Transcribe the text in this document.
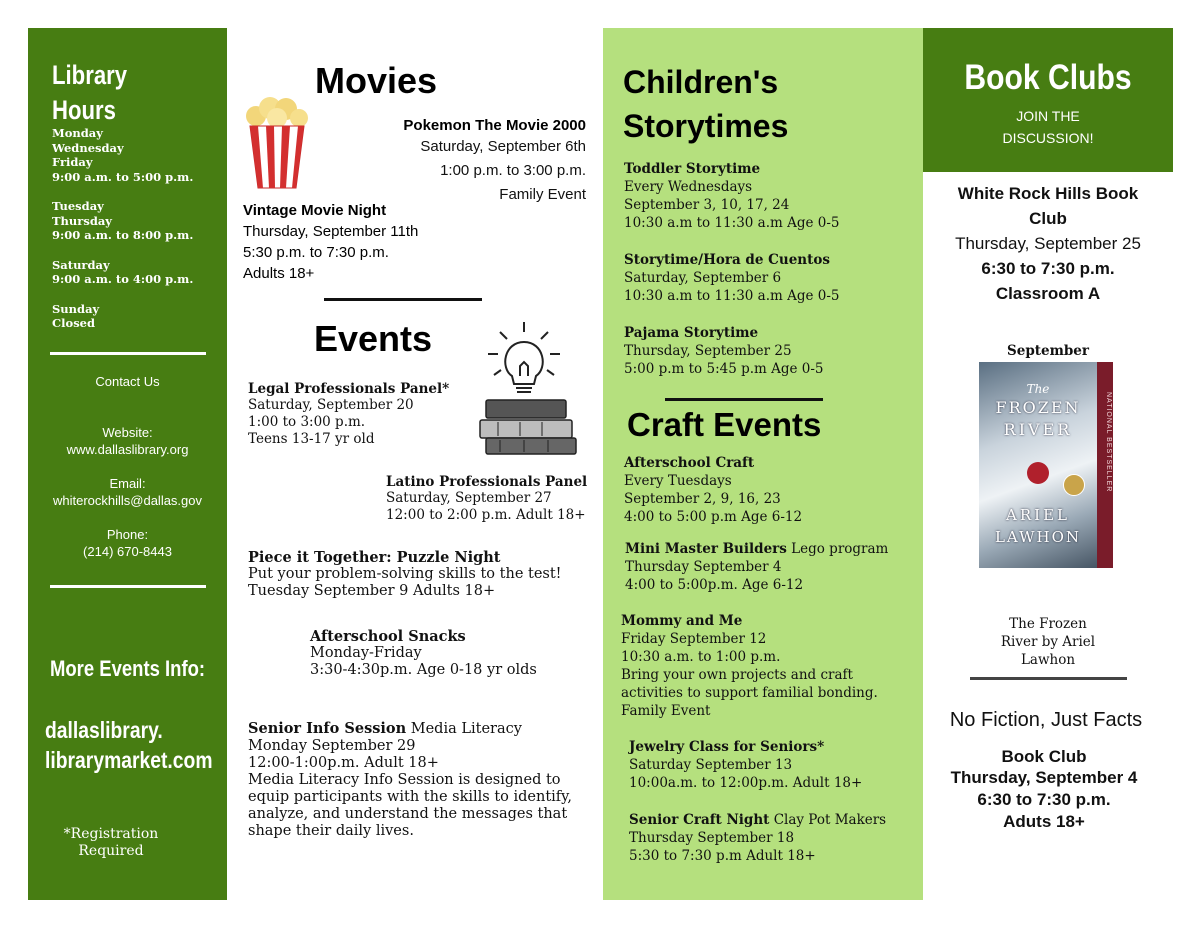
Library
Hours
Monday
Wednesday
Friday
9:00 a.m. to 5:00 p.m.
Tuesday
Thursday
9:00 a.m. to 8:00 p.m.
Saturday
9:00 a.m. to 4:00 p.m.
Sunday
Closed
Contact Us
Website:
www.dallaslibrary.org
Email:
whiterockhills@dallas.gov
Phone:
(214) 670-8443
More Events Info:
dallaslibrary.
librarymarket.com
*Registration
Required
Movies
Pokemon The Movie 2000
Saturday, September 6th
1:00 p.m. to 3:00 p.m.
Family Event
Vintage Movie Night
Thursday, September 11th
5:30 p.m. to 7:30 p.m.
Adults 18+
Events
Legal Professionals Panel*
Saturday, September 20
1:00 to 3:00 p.m.
Teens 13-17 yr old
Latino Professionals Panel
Saturday, September 27
12:00 to 2:00 p.m. Adult 18+
Piece it Together: Puzzle Night
Put your problem-solving skills to the test!
Tuesday September 9 Adults 18+
Afterschool Snacks
Monday-Friday
3:30-4:30p.m. Age 0-18 yr olds
Senior Info Session Media Literacy
Monday September 29
12:00-1:00p.m. Adult 18+
Media Literacy Info Session is designed to
equip participants with the skills to identify,
analyze, and understand the messages that
shape their daily lives.
Children's
Storytimes
Toddler Storytime
Every Wednesdays
September 3, 10, 17, 24
10:30 a.m to 11:30 a.m Age 0-5
Storytime/Hora de Cuentos
Saturday, September 6
10:30 a.m to 11:30 a.m Age 0-5
Pajama Storytime
Thursday, September 25
5:00 p.m to 5:45 p.m Age 0-5
Craft Events
Afterschool Craft
Every Tuesdays
September 2, 9, 16, 23
4:00 to 5:00 p.m Age 6-12
Mini Master Builders Lego program
Thursday September 4
4:00 to 5:00p.m. Age 6-12
Mommy and Me
Friday September 12
10:30 a.m. to 1:00 p.m.
Bring your own projects and craft
activities to support familial bonding.
Family Event
Jewelry Class for Seniors*
Saturday September 13
10:00a.m. to 12:00p.m. Adult 18+
Senior Craft Night Clay Pot Makers
Thursday September 18
5:30 to 7:30 p.m Adult 18+
Book Clubs
JOIN THE
DISCUSSION!
White Rock Hills Book
Club
Thursday, September 25
6:30 to 7:30 p.m.
Classroom A
September
NATIONAL BESTSELLER
The
FROZEN
RIVER
ARIEL
LAWHON
The Frozen
River by Ariel
Lawhon
No Fiction, Just Facts
Book Club
Thursday, September 4
6:30 to 7:30 p.m.
Aduts 18+
